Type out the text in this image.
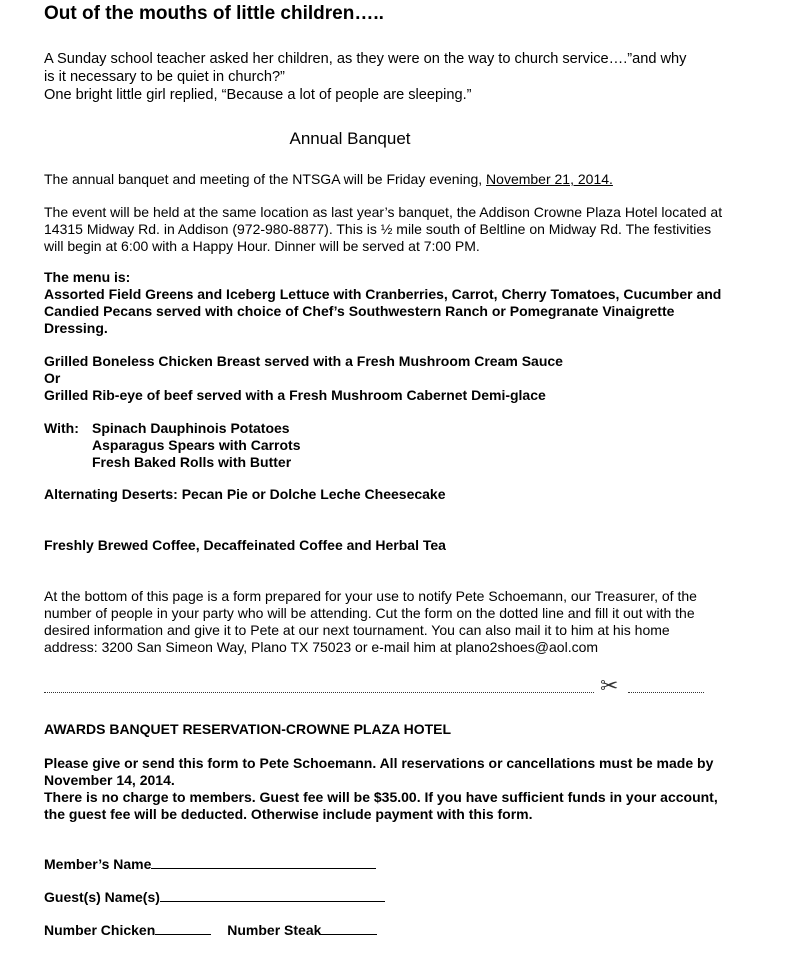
Out of the mouths of little children…..
A Sunday school teacher asked her children, as they were on the way to church service….”and why
is it necessary to be quiet in church?”
One bright little girl replied, “Because a lot of people are sleeping.”
Annual Banquet
The annual banquet and meeting of the NTSGA will be Friday evening, November 21, 2014.
The event will be held at the same location as last year’s banquet, the Addison Crowne Plaza Hotel located at
14315 Midway Rd. in Addison (972-980-8877). This is ½ mile south of Beltline on Midway Rd. The festivities
will begin at 6:00 with a Happy Hour. Dinner will be served at 7:00 PM.
The menu is:
Assorted Field Greens and Iceberg Lettuce with Cranberries, Carrot, Cherry Tomatoes, Cucumber and
Candied Pecans served with choice of Chef’s Southwestern Ranch or Pomegranate Vinaigrette
Dressing.
Grilled Boneless Chicken Breast served with a Fresh Mushroom Cream Sauce
Or
Grilled Rib-eye of beef served with a Fresh Mushroom Cabernet Demi-glace
With: Spinach Dauphinois Potatoes
Asparagus Spears with Carrots
Fresh Baked Rolls with Butter
Alternating Deserts: Pecan Pie or Dolche Leche Cheesecake
Freshly Brewed Coffee, Decaffeinated Coffee and Herbal Tea
At the bottom of this page is a form prepared for your use to notify Pete Schoemann, our Treasurer, of the
number of people in your party who will be attending. Cut the form on the dotted line and fill it out with the
desired information and give it to Pete at our next tournament. You can also mail it to him at his home
address: 3200 San Simeon Way, Plano TX 75023 or e-mail him at plano2shoes@aol.com
✂
AWARDS BANQUET RESERVATION-CROWNE PLAZA HOTEL
Please give or send this form to Pete Schoemann. All reservations or cancellations must be made by
November 14, 2014.
There is no charge to members. Guest fee will be $35.00. If you have sufficient funds in your account,
the guest fee will be deducted. Otherwise include payment with this form.
Member’s Name
Guest(s) Name(s)
Number Chicken	Number Steak
